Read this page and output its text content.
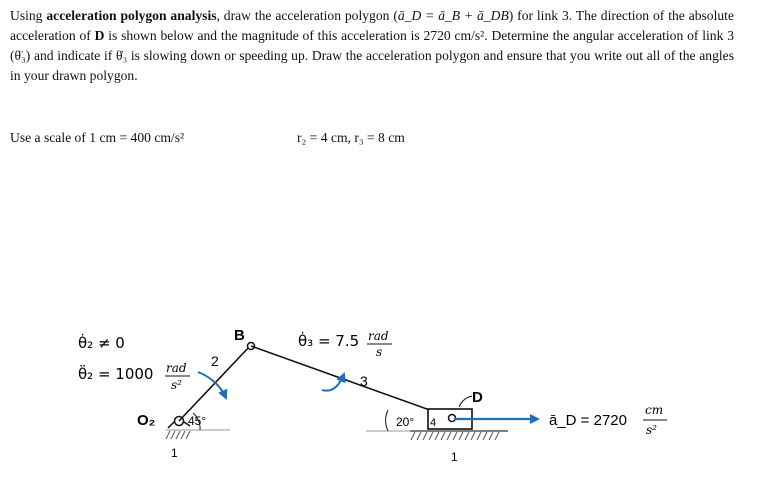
Using acceleration polygon analysis, draw the acceleration polygon (ā_D = ā_B + ā_DB) for link 3. The direction of the absolute acceleration of D is shown below and the magnitude of this acceleration is 2720 cm/s². Determine the angular acceleration of link 3 (θ̈₃) and indicate if θ̇₃ is slowing down or speeding up. Draw the acceleration polygon and ensure that you write out all of the angles in your drawn polygon.
Use a scale of 1 cm = 400 cm/s²	r₂ = 4 cm, r₃ = 8 cm
θ̇₂ ≠ 0
θ̈₂ = 1000 rad
s²
1
O₂	45°
2
B
3
θ̇₃ = 7.5 rad
s
20° 4
D
1
ā_D = 2720
cm
s²
